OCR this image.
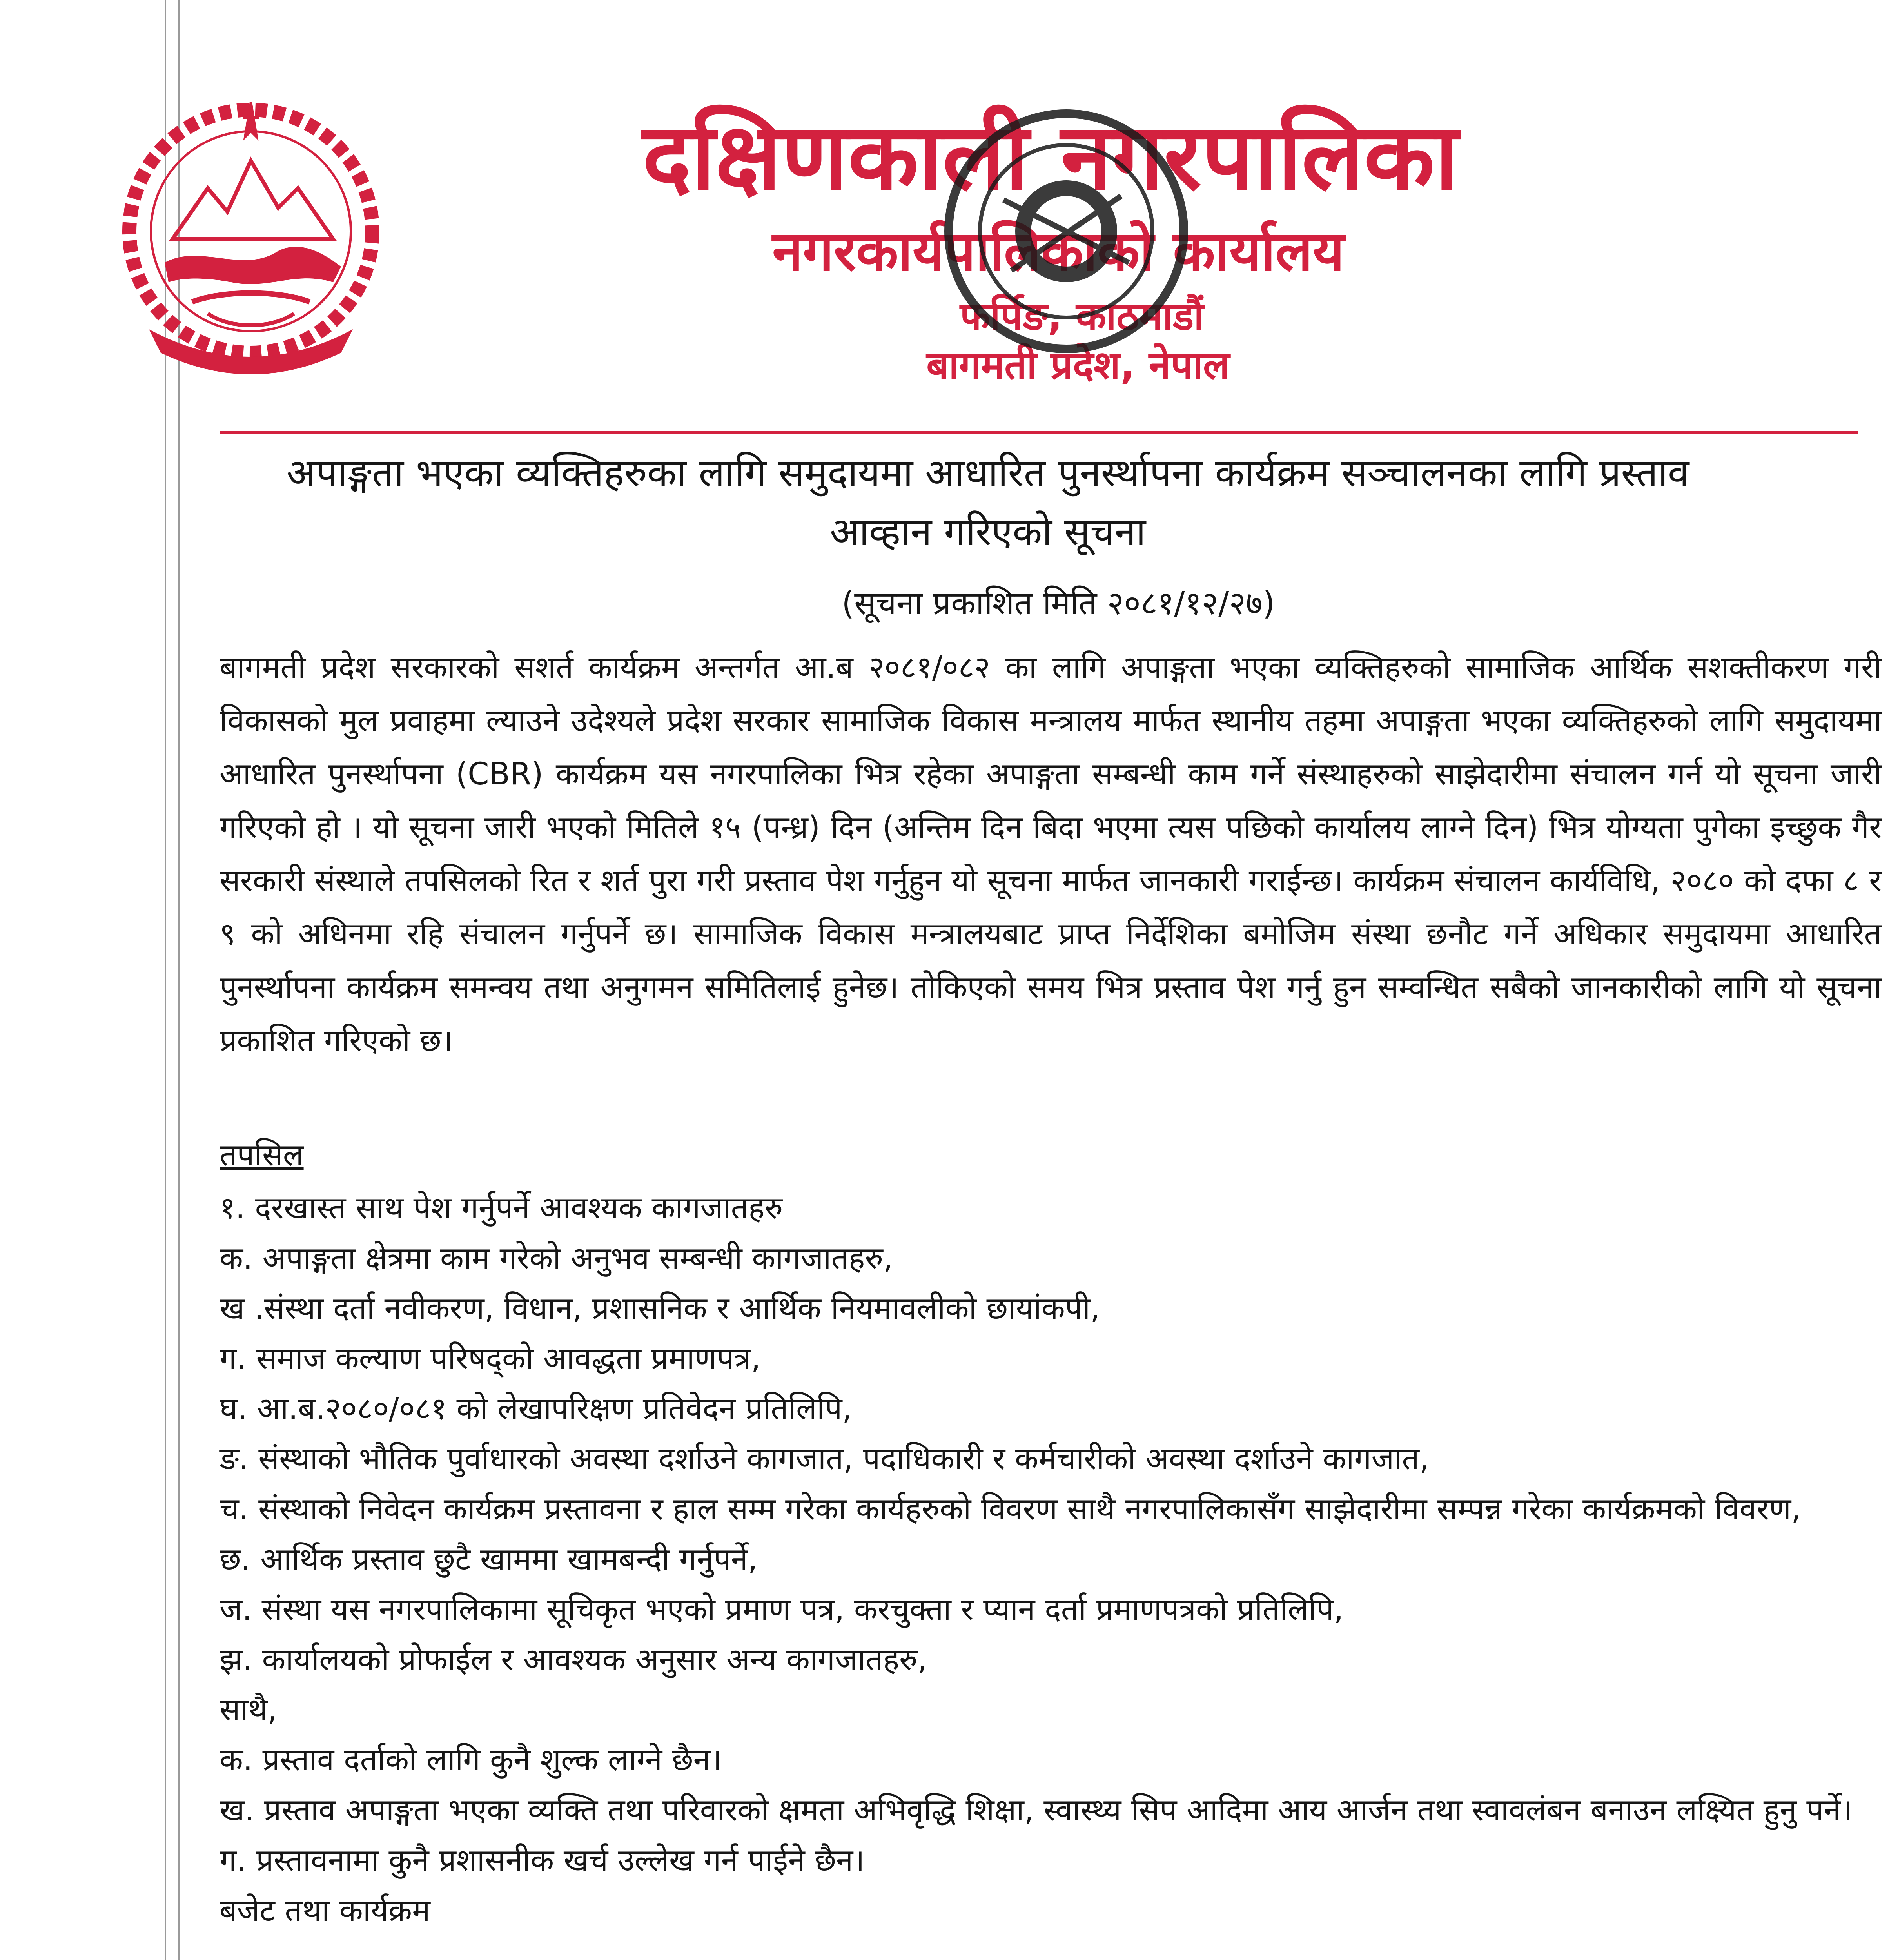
दक्षिणकाली नगरपालिका
नगरकार्यपालिकाको कार्यालय
फर्पिङ, काठमाडौं
बागमती प्रदेश, नेपाल
अपाङ्गता भएका व्यक्तिहरुका लागि समुदायमा आधारित पुनर्स्थापना कार्यक्रम सञ्चालनका लागि प्रस्ताव
आव्हान गरिएको सूचना
(सूचना प्रकाशित मिति २०८१/१२/२७)

बागमती प्रदेश सरकारको सशर्त कार्यक्रम अन्तर्गत आ.ब २०८१/०८२ का लागि अपाङ्गता भएका व्यक्तिहरुको सामाजिक आर्थिक सशक्तीकरण गरी विकासको मुल प्रवाहमा ल्याउने उदेश्यले प्रदेश सरकार सामाजिक विकास मन्त्रालय मार्फत स्थानीय तहमा अपाङ्गता भएका व्यक्तिहरुको लागि समुदायमा आधारित पुनर्स्थापना (CBR) कार्यक्रम यस नगरपालिका भित्र रहेका अपाङ्गता सम्बन्धी काम गर्ने संस्थाहरुको साझेदारीमा संचालन गर्न यो सूचना जारी गरिएको हो । यो सूचना जारी भएको मितिले १५ (पन्ध्र) दिन (अन्तिम दिन बिदा भएमा त्यस पछिको कार्यालय लाग्ने दिन) भित्र योग्यता पुगेका इच्छुक गैर सरकारी संस्थाले तपसिलको रित र शर्त पुरा गरी प्रस्ताव पेश गर्नुहुन यो सूचना मार्फत जानकारी गराईन्छ। कार्यक्रम संचालन कार्यविधि, २०८० को दफा ८ र ९ को अधिनमा रहि संचालन गर्नुपर्ने छ। सामाजिक विकास मन्त्रालयबाट प्राप्त निर्देशिका बमोजिम संस्था छनौट गर्ने अधिकार समुदायमा आधारित पुनर्स्थापना कार्यक्रम समन्वय तथा अनुगमन समितिलाई हुनेछ। तोकिएको समय भित्र प्रस्ताव पेश गर्नु हुन सम्वन्धित सबैको जानकारीको लागि यो सूचना प्रकाशित गरिएको छ।

तपसिल
१. दरखास्त साथ पेश गर्नुपर्ने आवश्यक कागजातहरु
क. अपाङ्गता क्षेत्रमा काम गरेको अनुभव सम्बन्धी कागजातहरु,
ख .संस्था दर्ता नवीकरण, विधान, प्रशासनिक र आर्थिक नियमावलीको छायांकपी,
ग. समाज कल्याण परिषद्को आवद्धता प्रमाणपत्र,
घ. आ.ब.२०८०/०८१ को लेखापरिक्षण प्रतिवेदन प्रतिलिपि,
ङ. संस्थाको भौतिक पुर्वाधारको अवस्था दर्शाउने कागजात, पदाधिकारी र कर्मचारीको अवस्था दर्शाउने कागजात,
च. संस्थाको निवेदन कार्यक्रम प्रस्तावना र हाल सम्म गरेका कार्यहरुको विवरण साथै नगरपालिकासँग साझेदारीमा सम्पन्न गरेका कार्यक्रमको विवरण,
छ. आर्थिक प्रस्ताव छुटै खाममा खामबन्दी गर्नुपर्ने,
ज. संस्था यस नगरपालिकामा सूचिकृत भएको प्रमाण पत्र, करचुक्ता र प्यान दर्ता प्रमाणपत्रको प्रतिलिपि,
झ. कार्यालयको प्रोफाईल र आवश्यक अनुसार अन्य कागजातहरु,
साथै,
क. प्रस्ताव दर्ताको लागि कुनै शुल्क लाग्ने छैन।
ख. प्रस्ताव अपाङ्गता भएका व्यक्ति तथा परिवारको क्षमता अभिवृद्धि शिक्षा, स्वास्थ्य सिप आदिमा आय आर्जन तथा स्वावलंबन बनाउन लक्ष्यित हुनु पर्ने।
ग. प्रस्तावनामा कुनै प्रशासनीक खर्च उल्लेख गर्न पाईने छैन।
बजेट तथा कार्यक्रम
